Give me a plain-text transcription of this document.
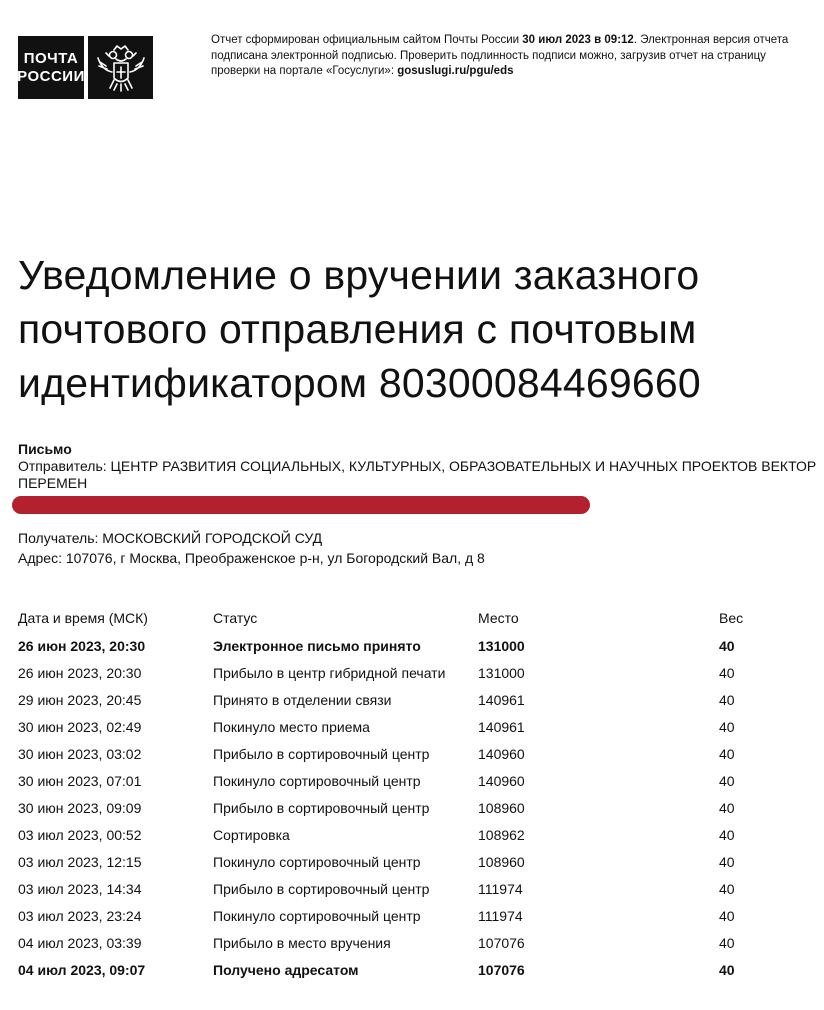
ПОЧТА
РОССИИ
Отчет сформирован официальным сайтом Почты России 30 июл 2023 в 09:12. Электронная версия отчета подписана электронной подписью. Проверить подлинность подписи можно, загрузив отчет на страницу проверки на портале «Госуслуги»: gosuslugi.ru/pgu/eds
Уведомление о вручении заказного почтового отправления с почтовым идентификатором 80300084469660
Письмо
Отправитель: ЦЕНТР РАЗВИТИЯ СОЦИАЛЬНЫХ, КУЛЬТУРНЫХ, ОБРАЗОВАТЕЛЬНЫХ И НАУЧНЫХ ПРОЕКТОВ ВЕКТОР ПЕРЕМЕН
Получатель: МОСКОВСКИЙ ГОРОДСКОЙ СУД
Адрес: 107076, г Москва, Преображенское р-н, ул Богородский Вал, д 8
Дата и время (МСК)	Статус	Место	Вес
26 июн 2023, 20:30	Электронное письмо принято	131000	40
26 июн 2023, 20:30	Прибыло в центр гибридной печати	131000	40
29 июн 2023, 20:45	Принято в отделении связи	140961	40
30 июн 2023, 02:49	Покинуло место приема	140961	40
30 июн 2023, 03:02	Прибыло в сортировочный центр	140960	40
30 июн 2023, 07:01	Покинуло сортировочный центр	140960	40
30 июн 2023, 09:09	Прибыло в сортировочный центр	108960	40
03 июл 2023, 00:52	Сортировка	108962	40
03 июл 2023, 12:15	Покинуло сортировочный центр	108960	40
03 июл 2023, 14:34	Прибыло в сортировочный центр	111974	40
03 июл 2023, 23:24	Покинуло сортировочный центр	111974	40
04 июл 2023, 03:39	Прибыло в место вручения	107076	40
04 июл 2023, 09:07	Получено адресатом	107076	40
